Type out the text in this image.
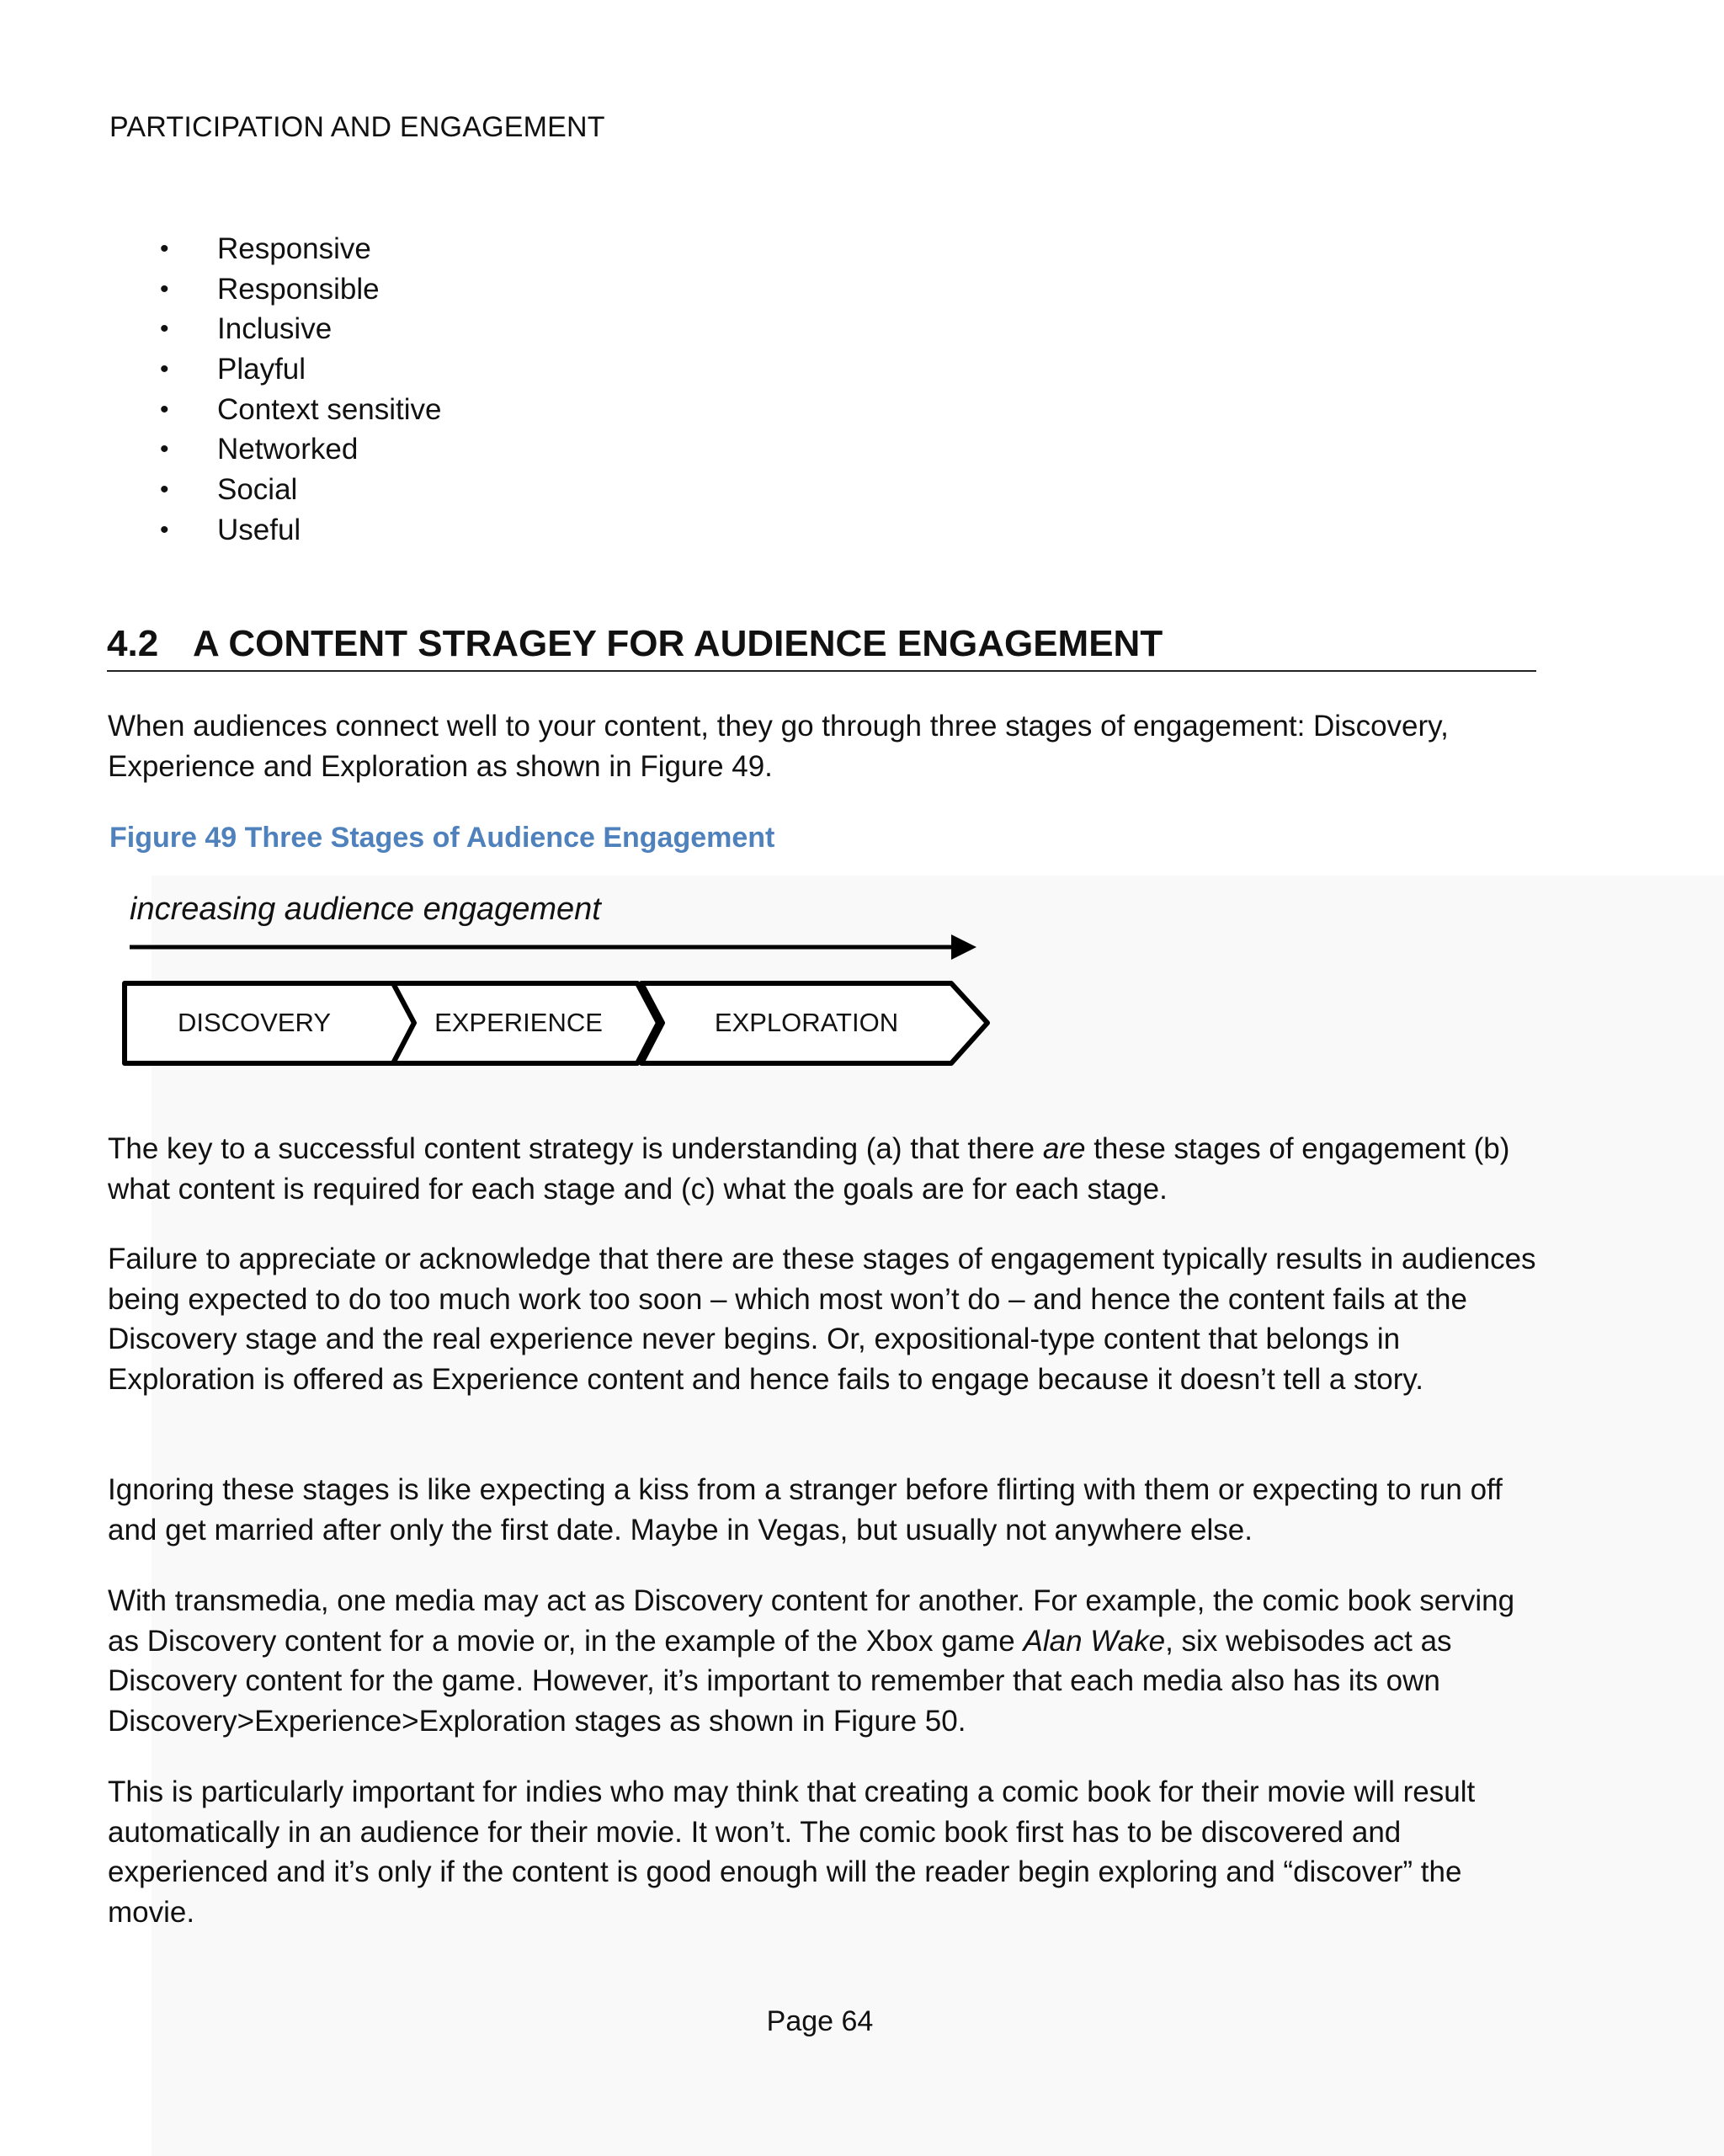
PARTICIPATION AND ENGAGEMENT
• Responsive
• Responsible
• Inclusive
• Playful
• Context sensitive
• Networked
• Social
• Useful
4.2 A CONTENT STRAGEY FOR AUDIENCE ENGAGEMENT

When audiences connect well to your content, they go through three stages of engagement: Discovery, Experience and Exploration as shown in Figure 49.

Figure 49 Three Stages of Audience Engagement
increasing audience engagement
DISCOVERY	EXPERIENCE	EXPLORATION

The key to a successful content strategy is understanding (a) that there are these stages of engagement (b) what content is required for each stage and (c) what the goals are for each stage.

Failure to appreciate or acknowledge that there are these stages of engagement typically results in audiences being expected to do too much work too soon – which most won’t do – and hence the content fails at the Discovery stage and the real experience never begins. Or, expositional-type content that belongs in Exploration is offered as Experience content and hence fails to engage because it doesn’t tell a story.

Ignoring these stages is like expecting a kiss from a stranger before flirting with them or expecting to run off and get married after only the first date. Maybe in Vegas, but usually not anywhere else.

With transmedia, one media may act as Discovery content for another. For example, the comic book serving as Discovery content for a movie or, in the example of the Xbox game Alan Wake, six webisodes act as Discovery content for the game. However, it’s important to remember that each media also has its own Discovery>Experience>Exploration stages as shown in Figure 50.

This is particularly important for indies who may think that creating a comic book for their movie will result automatically in an audience for their movie. It won’t. The comic book first has to be discovered and experienced and it’s only if the content is good enough will the reader begin exploring and “discover” the movie.

Page 64
